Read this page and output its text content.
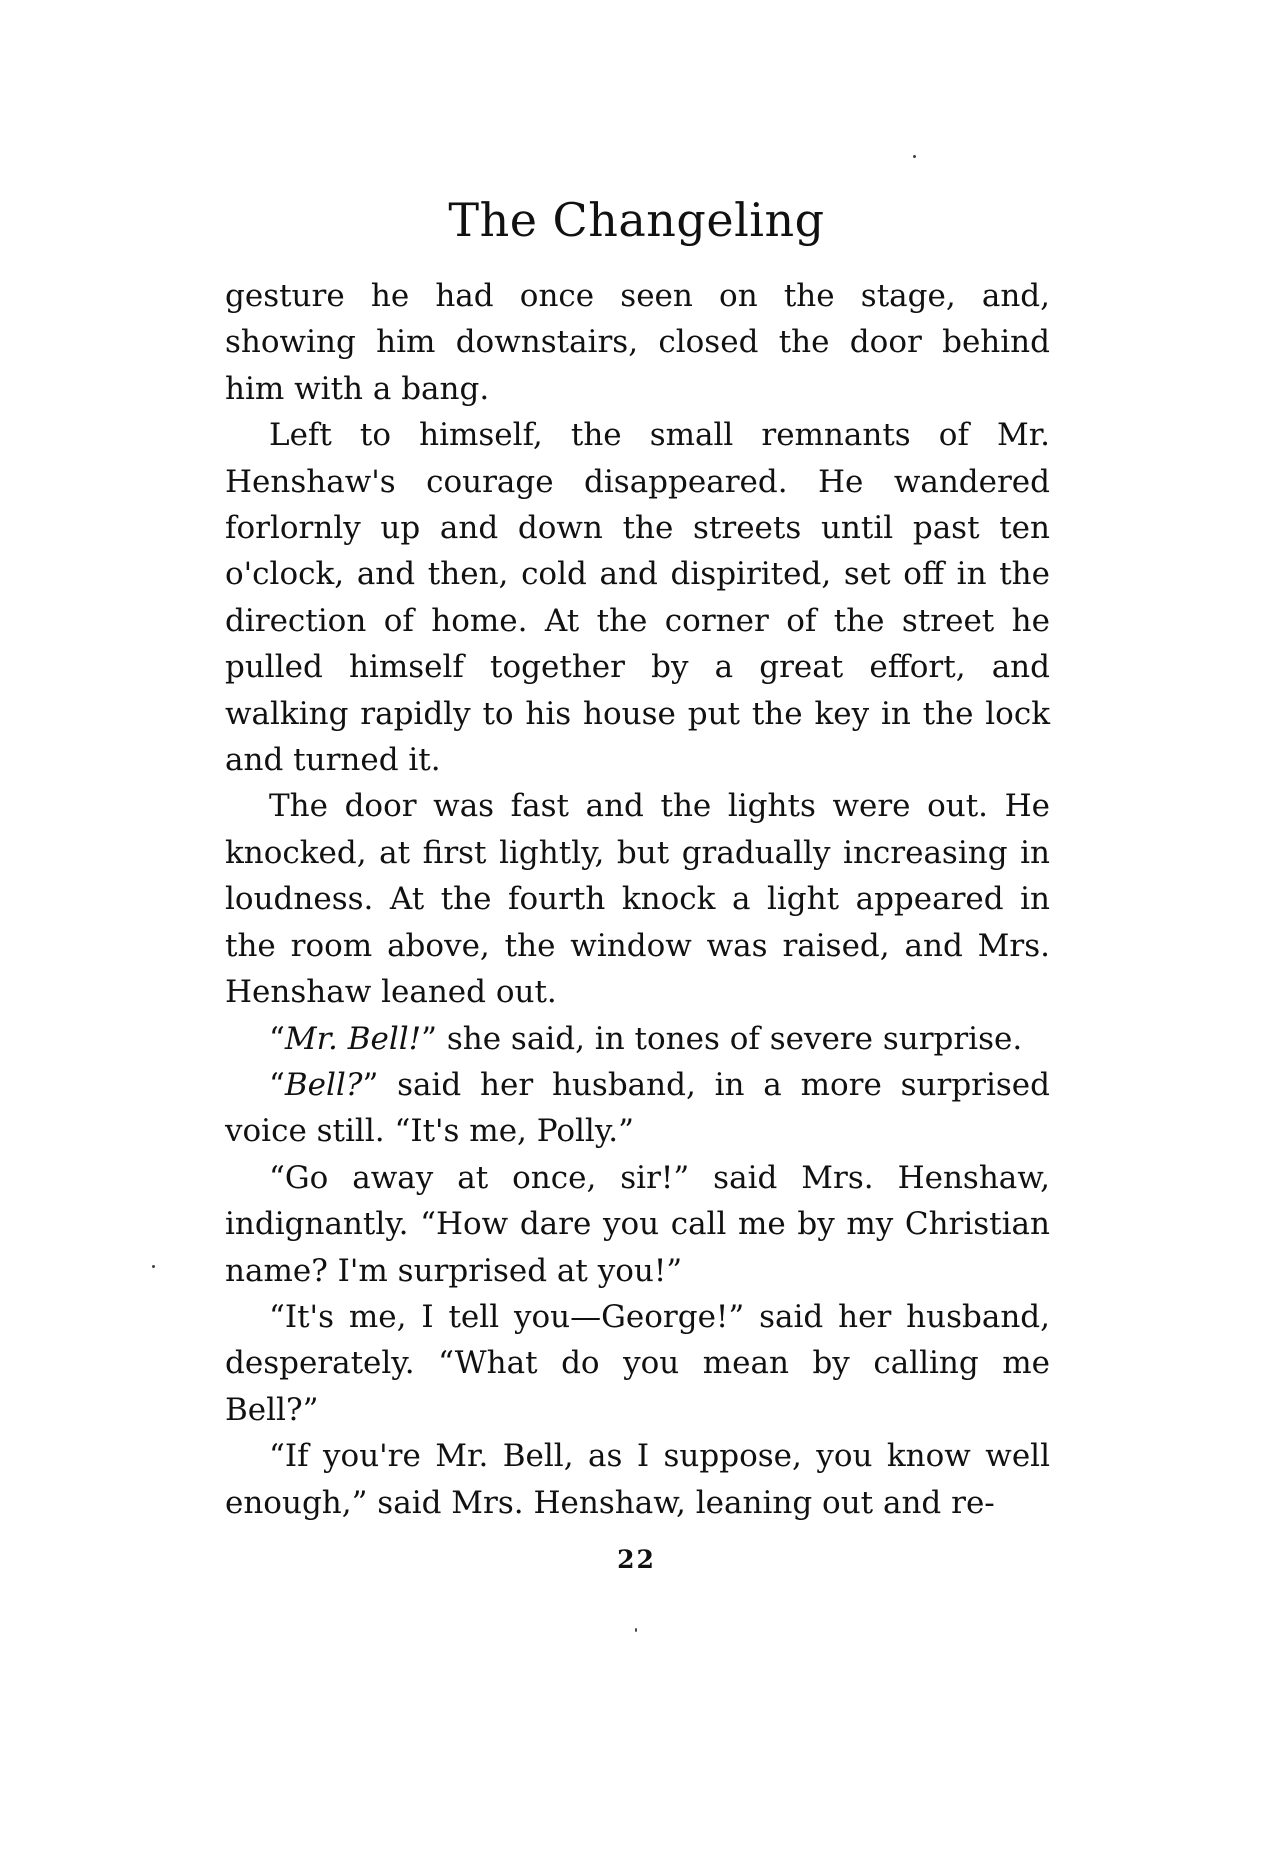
The Changeling

gesture he had once seen on the stage, and, showing him downstairs, closed the door behind him with a bang.

Left to himself, the small remnants of Mr. Henshaw's courage disappeared. He wandered forlornly up and down the streets until past ten o'clock, and then, cold and dispirited, set off in the direction of home. At the corner of the street he pulled himself together by a great effort, and walking rapidly to his house put the key in the lock and turned it.

The door was fast and the lights were out. He knocked, at first lightly, but gradually increasing in loudness. At the fourth knock a light appeared in the room above, the window was raised, and Mrs. Henshaw leaned out.

“Mr. Bell!” she said, in tones of severe surprise.

“Bell?” said her husband, in a more surprised voice still. “It's me, Polly.”

“Go away at once, sir!” said Mrs. Henshaw, indignantly. “How dare you call me by my Christian name? I'm surprised at you!”

“It's me, I tell you—George!” said her husband, desperately. “What do you mean by calling me Bell?”

“If you're Mr. Bell, as I suppose, you know well enough,” said Mrs. Henshaw, leaning out and re-

22
